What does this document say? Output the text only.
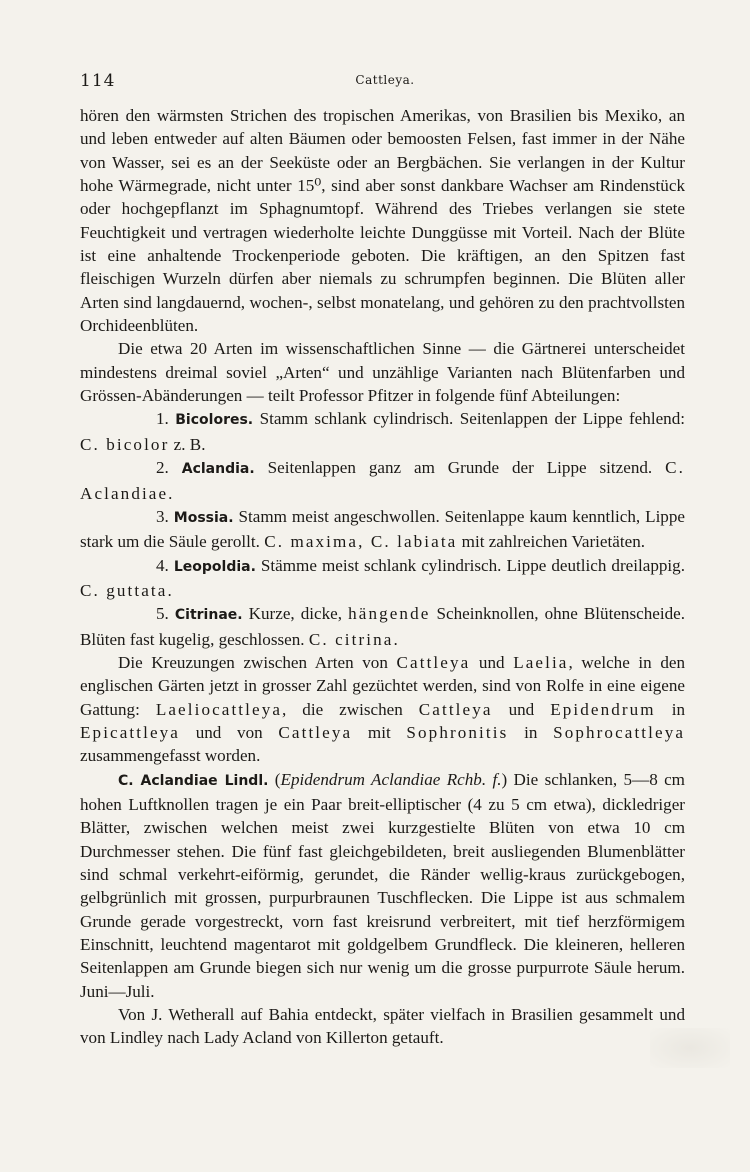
114	Cattleya.

hören den wärmsten Strichen des tropischen Amerikas, von Brasilien bis Mexiko, an und leben entweder auf alten Bäumen oder bemoosten Felsen, fast immer in der Nähe von Wasser, sei es an der Seeküste oder an Bergbächen. Sie verlangen in der Kultur hohe Wärmegrade, nicht unter 15⁰, sind aber sonst dankbare Wachser am Rindenstück oder hochgepflanzt im Sphagnumtopf. Während des Triebes verlangen sie stete Feuchtigkeit und vertragen wiederholte leichte Dunggüsse mit Vorteil. Nach der Blüte ist eine anhaltende Trockenperiode geboten. Die kräftigen, an den Spitzen fast fleischigen Wurzeln dürfen aber niemals zu schrumpfen beginnen. Die Blüten aller Arten sind langdauernd, wochen-, selbst monatelang, und gehören zu den prachtvollsten Orchideenblüten.

Die etwa 20 Arten im wissenschaftlichen Sinne — die Gärtnerei unterscheidet mindestens dreimal soviel „Arten“ und unzählige Varianten nach Blütenfarben und Grössen-Abänderungen — teilt Professor Pfitzer in folgende fünf Abteilungen:

1. Bicolores. Stamm schlank cylindrisch. Seitenlappen der Lippe fehlend: C. bicolor z. B.

2. Aclandia. Seitenlappen ganz am Grunde der Lippe sitzend. C. Aclandiae.

3. Mossia. Stamm meist angeschwollen. Seitenlappe kaum kenntlich, Lippe stark um die Säule gerollt. C. maxima, C. labiata mit zahlreichen Varietäten.

4. Leopoldia. Stämme meist schlank cylindrisch. Lippe deutlich dreilappig. C. guttata.

5. Citrinae. Kurze, dicke, hängende Scheinknollen, ohne Blütenscheide. Blüten fast kugelig, geschlossen. C. citrina.

Die Kreuzungen zwischen Arten von Cattleya und Laelia, welche in den englischen Gärten jetzt in grosser Zahl gezüchtet werden, sind von Rolfe in eine eigene Gattung: Laeliocattleya, die zwischen Cattleya und Epidendrum in Epicattleya und von Cattleya mit Sophronitis in Sophrocattleya zusammengefasst worden.

C. Aclandiae Lindl. (Epidendrum Aclandiae Rchb. f.) Die schlanken, 5—8 cm hohen Luftknollen tragen je ein Paar breit-elliptischer (4 zu 5 cm etwa), dickledriger Blätter, zwischen welchen meist zwei kurzgestielte Blüten von etwa 10 cm Durchmesser stehen. Die fünf fast gleichgebildeten, breit ausliegenden Blumenblätter sind schmal verkehrt-eiförmig, gerundet, die Ränder wellig-kraus zurückgebogen, gelbgrünlich mit grossen, purpurbraunen Tuschflecken. Die Lippe ist aus schmalem Grunde gerade vorgestreckt, vorn fast kreisrund verbreitert, mit tief herzförmigem Einschnitt, leuchtend magentarot mit goldgelbem Grundfleck. Die kleineren, helleren Seitenlappen am Grunde biegen sich nur wenig um die grosse purpurrote Säule herum. Juni—Juli.

Von J. Wetherall auf Bahia entdeckt, später vielfach in Brasilien gesammelt und von Lindley nach Lady Acland von Killerton getauft.
